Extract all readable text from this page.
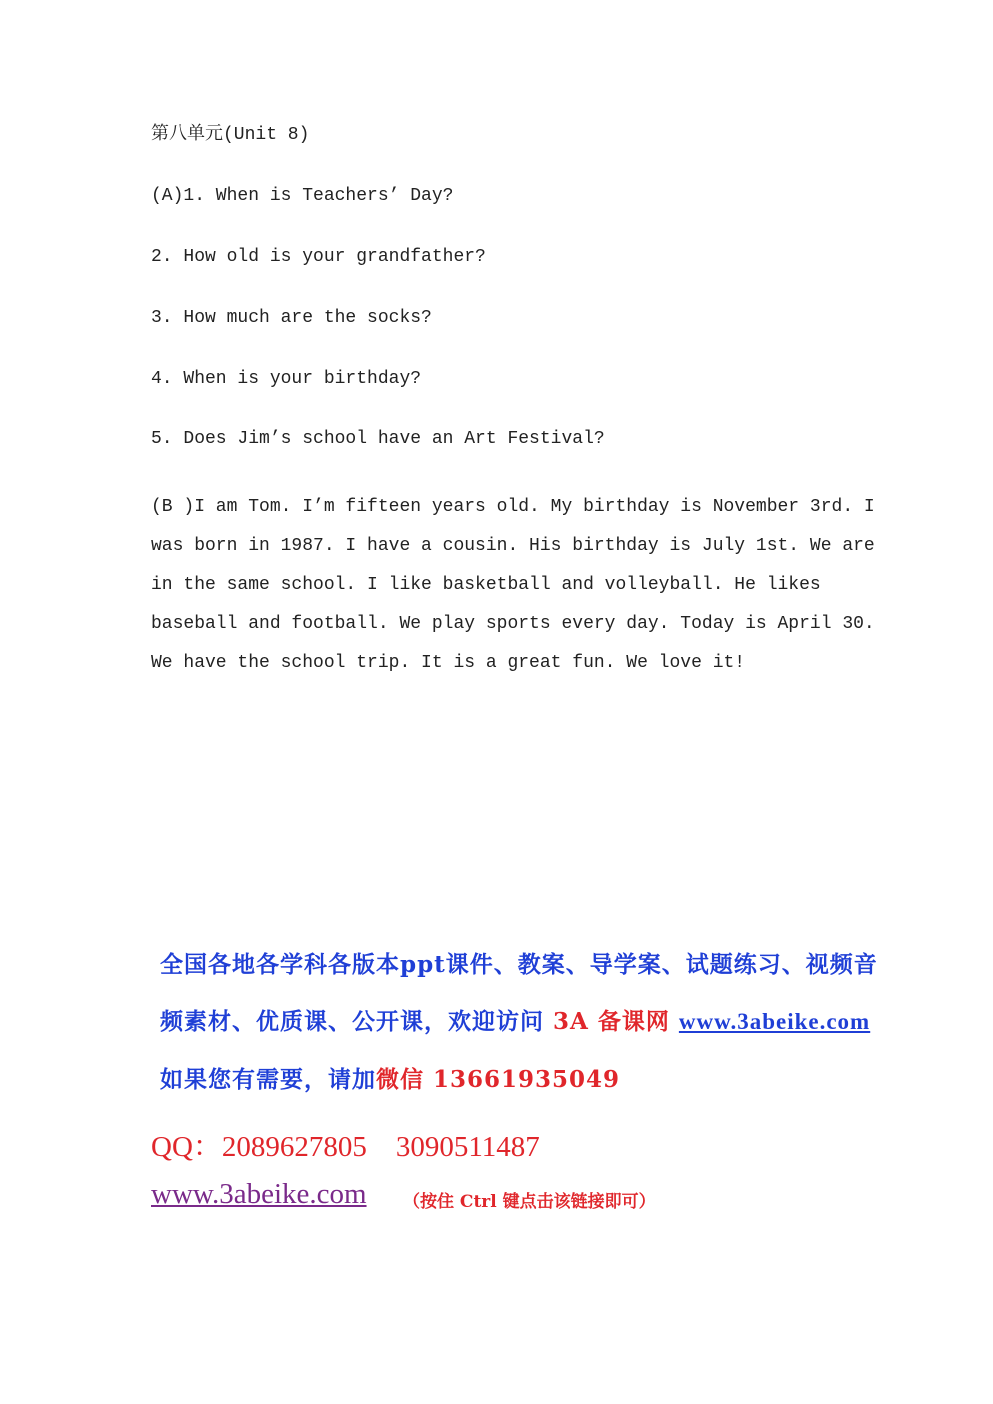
第八单元(Unit 8)
(A)1. When is Teachers’ Day?
2. How old is your grandfather?
3. How much are the socks?
4. When is your birthday?
5. Does Jim’s school have an Art Festival?
(B )I am Tom. I’m fifteen years old. My birthday is November 3rd. I
was born in 1987. I have a cousin. His birthday is July 1st. We are
in the same school. I like basketball and volleyball. He likes
baseball and football. We play sports every day. Today is April 30.
We have the school trip. It is a great fun. We love it!
全国各地各学科各版本ppt课件、教案、导学案、试题练习、视频音
频素材、优质课、公开课，欢迎访问 3A 备课网 www.3abeike.com
如果您有需要，请加微信 13661935049
QQ：2089627805    3090511487
www.3abeike.com （按住 Ctrl 键点击该链接即可）
